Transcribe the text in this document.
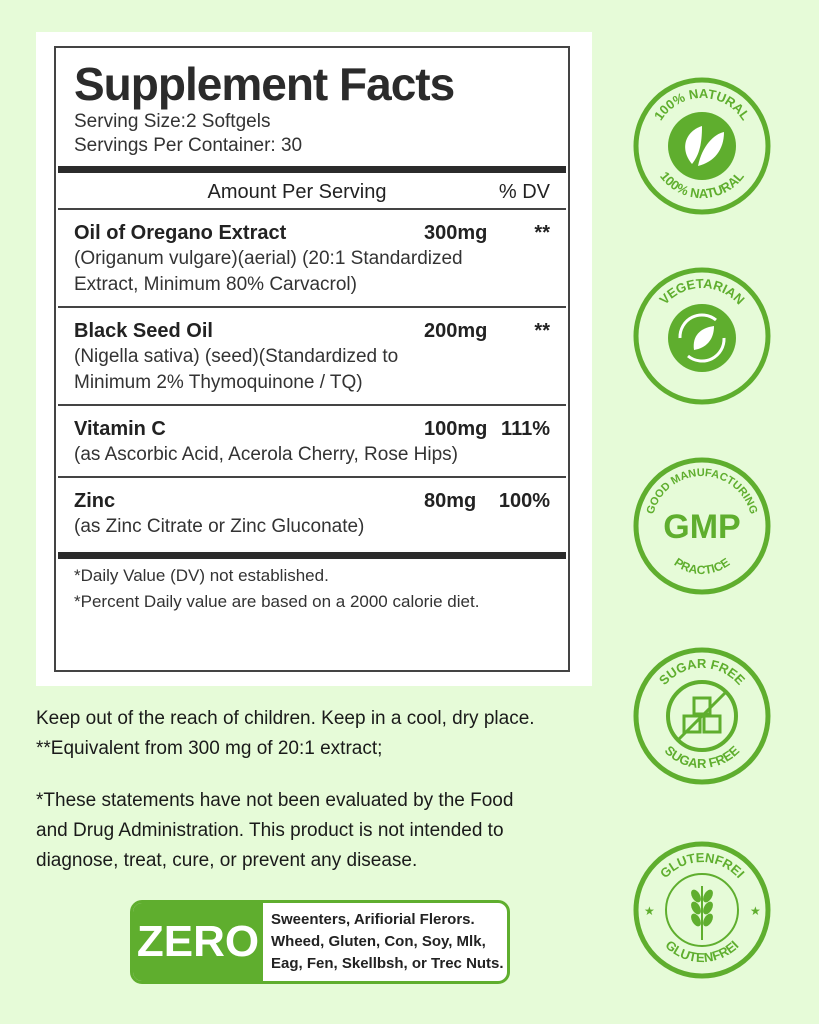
Supplement Facts
Serving Size:2 Softgels
Servings Per Container: 30
Amount Per Serving	% DV
Oil of Oregano Extract
(Origanum vulgare)(aerial) (20:1 Standardized
Extract, Minimum 80% Carvacrol)
300mg **
Black Seed Oil
(Nigella sativa) (seed)(Standardized to
Minimum 2% Thymoquinone / TQ)
200mg **
Vitamin C
(as Ascorbic Acid, Acerola Cherry, Rose Hips)
100mg 111%
Zinc
(as Zinc Citrate or Zinc Gluconate)
80mg 100%
*Daily Value (DV) not established.
*Percent Daily value are based on a 2000 calorie diet.
Keep out of the reach of children. Keep in a cool, dry place.
**Equivalent from 300 mg of 20:1 extract;
*These statements have not been evaluated by the Food
and Drug Administration. This product is not intended to
diagnose, treat, cure, or prevent any disease.
ZERO Sweenters, Arifiorial Flerors.
Wheed, Gluten, Con, Soy, Mlk,
Eag, Fen, Skellbsh, or Trec Nuts.
100% NATURAL
100% NATURAL
VEGETARIAN
GOOD MANUFACTURING
PRACTICE
GMP
SUGAR FREE
SUGAR FREE
GLUTENFREI
GLUTENFREI
★	★
